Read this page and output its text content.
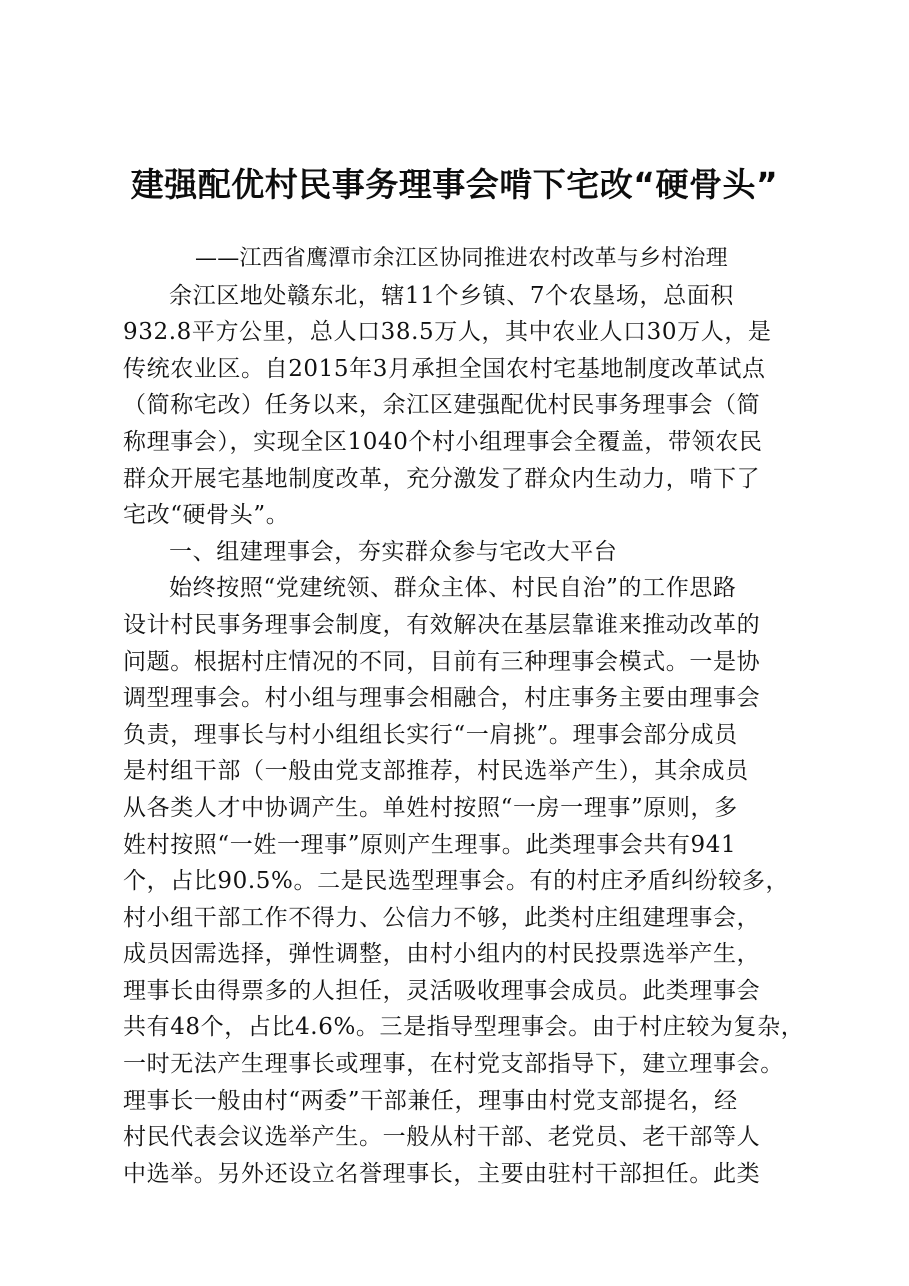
建强配优村民事务理事会啃下宅改“硬骨头”
——江西省鹰潭市余江区协同推进农村改革与乡村治理
余江区地处赣东北，辖11个乡镇、7个农垦场，总面积
932.8平方公里，总人口38.5万人，其中农业人口30万人，是
传统农业区。自2015年3月承担全国农村宅基地制度改革试点
（简称宅改）任务以来，余江区建强配优村民事务理事会（简
称理事会），实现全区1040个村小组理事会全覆盖，带领农民
群众开展宅基地制度改革，充分激发了群众内生动力，啃下了
宅改“硬骨头”。
一、组建理事会，夯实群众参与宅改大平台
始终按照“党建统领、群众主体、村民自治”的工作思路
设计村民事务理事会制度，有效解决在基层靠谁来推动改革的
问题。根据村庄情况的不同，目前有三种理事会模式。一是协
调型理事会。村小组与理事会相融合，村庄事务主要由理事会
负责，理事长与村小组组长实行“一肩挑”。理事会部分成员
是村组干部（一般由党支部推荐，村民选举产生），其余成员
从各类人才中协调产生。单姓村按照“一房一理事”原则，多
姓村按照“一姓一理事”原则产生理事。此类理事会共有941
个，占比90.5%。二是民选型理事会。有的村庄矛盾纠纷较多，
村小组干部工作不得力、公信力不够，此类村庄组建理事会，
成员因需选择，弹性调整，由村小组内的村民投票选举产生，
理事长由得票多的人担任，灵活吸收理事会成员。此类理事会
共有48个，占比4.6%。三是指导型理事会。由于村庄较为复杂，
一时无法产生理事长或理事，在村党支部指导下，建立理事会。
理事长一般由村“两委”干部兼任，理事由村党支部提名，经
村民代表会议选举产生。一般从村干部、老党员、老干部等人
中选举。另外还设立名誉理事长，主要由驻村干部担任。此类
